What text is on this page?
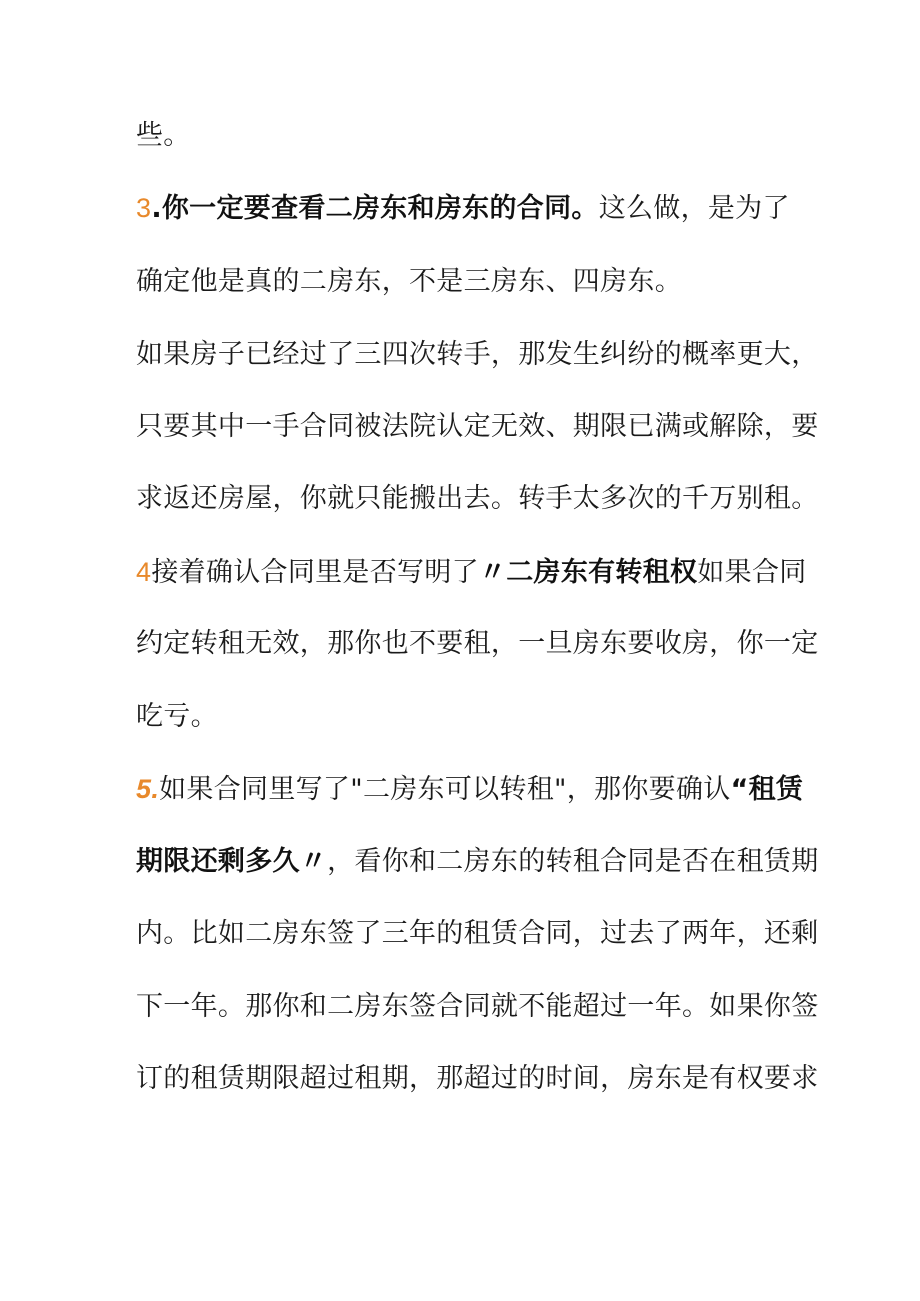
些。
3.你一定要查看二房东和房东的合同。这么做，是为了
确定他是真的二房东，不是三房东、四房东。
如果房子已经过了三四次转手，那发生纠纷的概率更大，
只要其中一手合同被法院认定无效、期限已满或解除，要
求返还房屋，你就只能搬出去。转手太多次的千万别租。
4接着确认合同里是否写明了〃二房东有转租权如果合同
约定转租无效，那你也不要租，一旦房东要收房，你一定
吃亏。
5.如果合同里写了"二房东可以转租"，那你要确认“租赁
期限还剩多久〃，看你和二房东的转租合同是否在租赁期
内。比如二房东签了三年的租赁合同，过去了两年，还剩
下一年。那你和二房东签合同就不能超过一年。如果你签
订的租赁期限超过租期，那超过的时间，房东是有权要求
